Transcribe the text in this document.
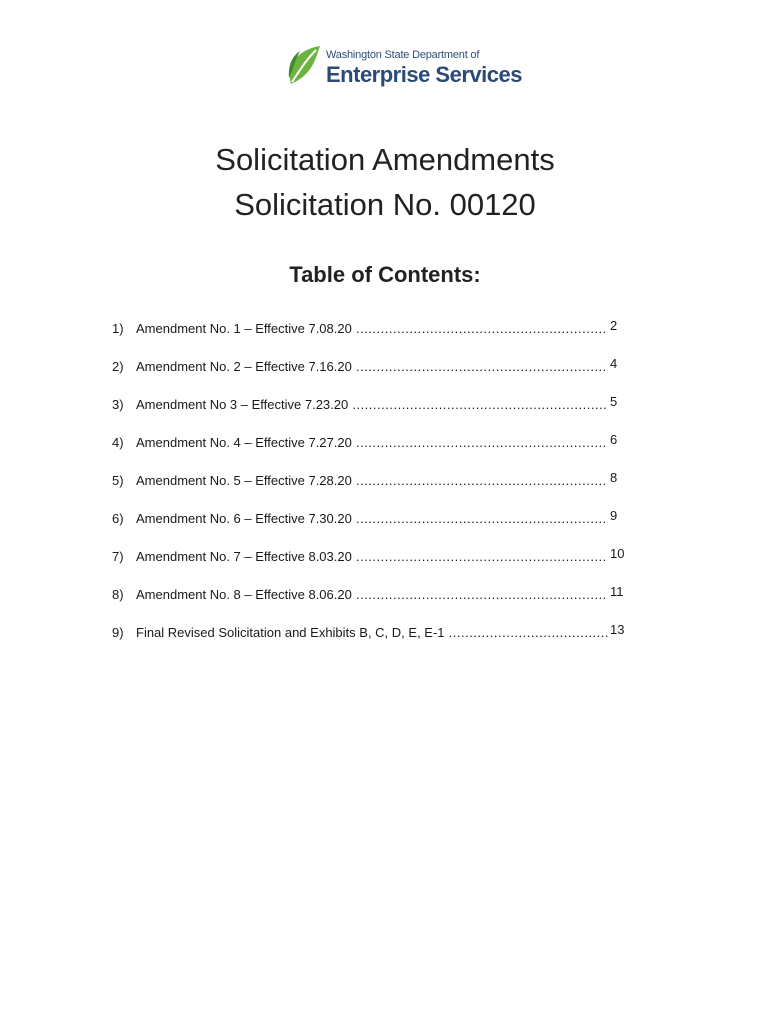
Washington State Department of
Enterprise Services
Solicitation Amendments
Solicitation No. 00120
Table of Contents:
1) Amendment No. 1 – Effective 7.08.20 .....	2
2) Amendment No. 2 – Effective 7.16.20 .....	4
3) Amendment No 3 – Effective 7.23.20 .....	5
4) Amendment No. 4 – Effective 7.27.20 .....	6
5) Amendment No. 5 – Effective 7.28.20 .....	8
6) Amendment No. 6 – Effective 7.30.20 .....	9
7) Amendment No. 7 – Effective 8.03.20 .....	10
8) Amendment No. 8 – Effective 8.06.20 .....	11
9) Final Revised Solicitation and Exhibits B, C, D, E, E-1 .....	13
